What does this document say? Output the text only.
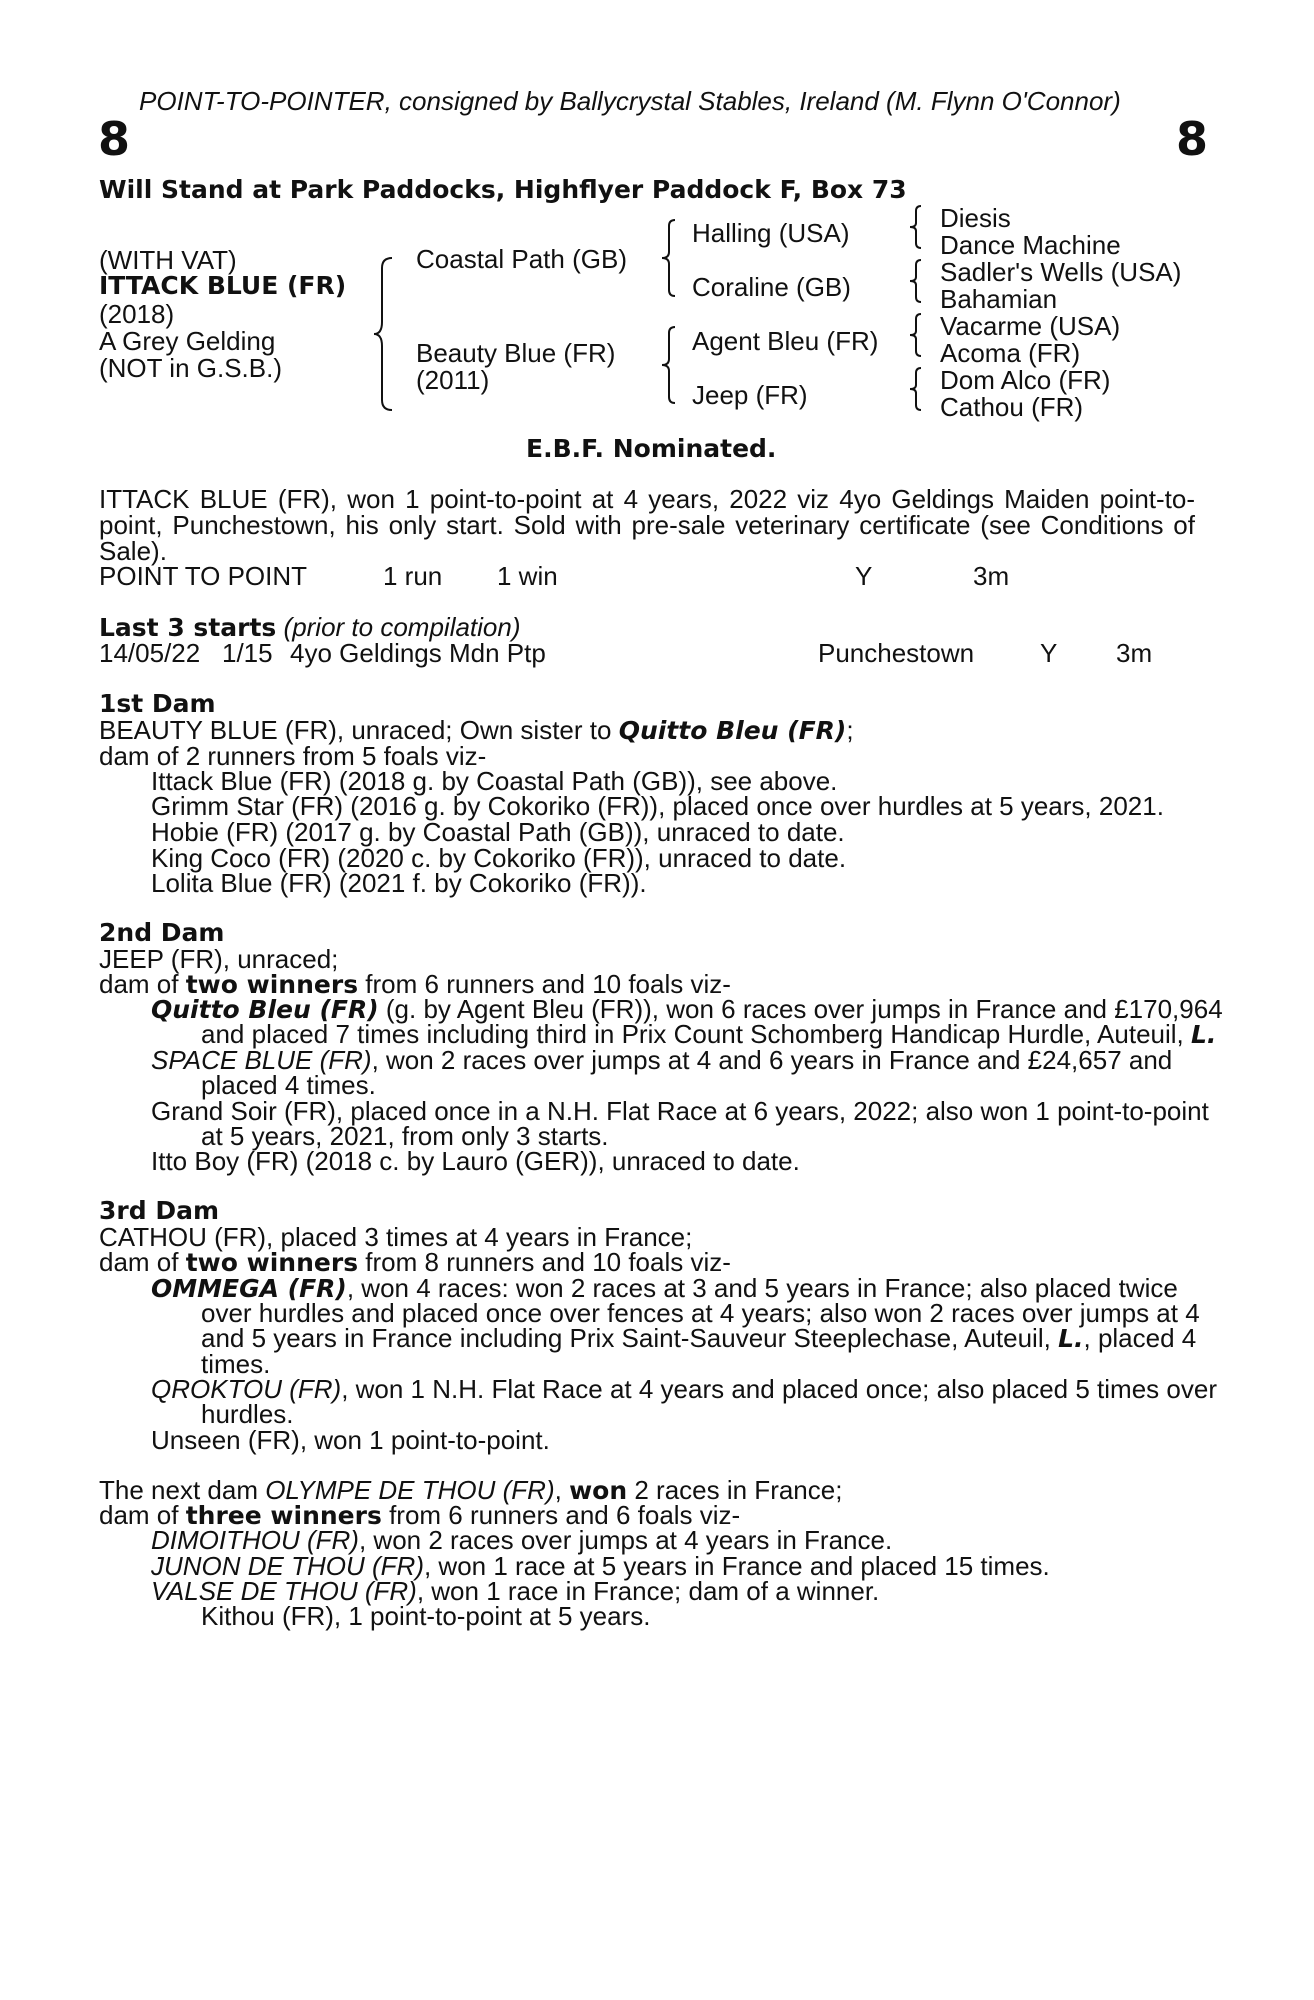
POINT-TO-POINTER, consigned by Ballycrystal Stables, Ireland (M. Flynn O'Connor)
8	8
Will Stand at Park Paddocks, Highflyer Paddock F, Box 73
(WITH VAT)
ITTACK BLUE (FR)
(2018)
A Grey Gelding
(NOT in G.S.B.)
Coastal Path (GB)
Beauty Blue (FR)
(2011)
Halling (USA)
Coraline (GB)
Agent Bleu (FR)
Jeep (FR)
Diesis
Dance Machine
Sadler's Wells (USA)
Bahamian
Vacarme (USA)
Acoma (FR)
Dom Alco (FR)
Cathou (FR)
E.B.F. Nominated.
ITTACK BLUE (FR), won 1 point-to-point at 4 years, 2022 viz 4yo Geldings Maiden point-to-point, Punchestown, his only start. Sold with pre-sale veterinary certificate (see Conditions of Sale).
POINT TO POINT	1 run 1 win	Y	3m
Last 3 starts (prior to compilation)
14/05/22 1/15 4yo Geldings Mdn Ptp	Punchestown	Y 3m
1st Dam
BEAUTY BLUE (FR), unraced; Own sister to Quitto Bleu (FR);
dam of 2 runners from 5 foals viz-
Ittack Blue (FR) (2018 g. by Coastal Path (GB)), see above.
Grimm Star (FR) (2016 g. by Cokoriko (FR)), placed once over hurdles at 5 years, 2021.
Hobie (FR) (2017 g. by Coastal Path (GB)), unraced to date.
King Coco (FR) (2020 c. by Cokoriko (FR)), unraced to date.
Lolita Blue (FR) (2021 f. by Cokoriko (FR)).
2nd Dam
JEEP (FR), unraced;
dam of two winners from 6 runners and 10 foals viz-
Quitto Bleu (FR) (g. by Agent Bleu (FR)), won 6 races over jumps in France and £170,964
and placed 7 times including third in Prix Count Schomberg Handicap Hurdle, Auteuil, L.
SPACE BLUE (FR), won 2 races over jumps at 4 and 6 years in France and £24,657 and
placed 4 times.
Grand Soir (FR), placed once in a N.H. Flat Race at 6 years, 2022; also won 1 point-to-point
at 5 years, 2021, from only 3 starts.
Itto Boy (FR) (2018 c. by Lauro (GER)), unraced to date.
3rd Dam
CATHOU (FR), placed 3 times at 4 years in France;
dam of two winners from 8 runners and 10 foals viz-
OMMEGA (FR), won 4 races: won 2 races at 3 and 5 years in France; also placed twice
over hurdles and placed once over fences at 4 years; also won 2 races over jumps at 4
and 5 years in France including Prix Saint-Sauveur Steeplechase, Auteuil, L., placed 4
times.
QROKTOU (FR), won 1 N.H. Flat Race at 4 years and placed once; also placed 5 times over
hurdles.
Unseen (FR), won 1 point-to-point.
The next dam OLYMPE DE THOU (FR), won 2 races in France;
dam of three winners from 6 runners and 6 foals viz-
DIMOITHOU (FR), won 2 races over jumps at 4 years in France.
JUNON DE THOU (FR), won 1 race at 5 years in France and placed 15 times.
VALSE DE THOU (FR), won 1 race in France; dam of a winner.
Kithou (FR), 1 point-to-point at 5 years.
